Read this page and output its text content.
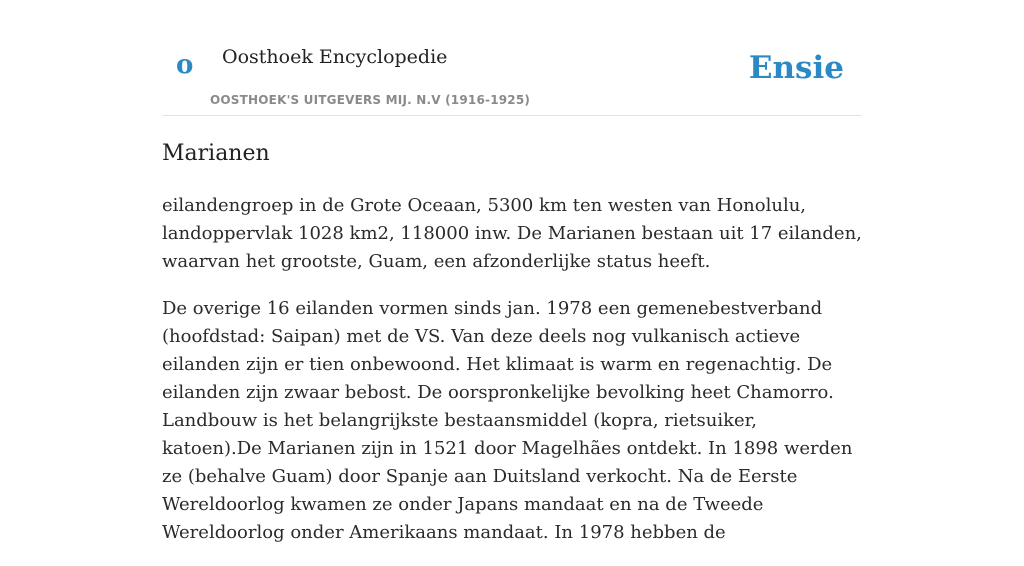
o Oosthoek Encyclopedie
OOSTHOEK'S UITGEVERS MIJ. N.V (1916-1925)
Ensie
Marianen

eilandengroep in de Grote Oceaan, 5300 km ten westen van Honolulu, landoppervlak 1028 km2, 118000 inw. De Marianen bestaan uit 17 eilanden, waarvan het grootste, Guam, een afzonderlijke status heeft.

De overige 16 eilanden vormen sinds jan. 1978 een gemenebestverband (hoofdstad: Saipan) met de VS. Van deze deels nog vulkanisch actieve eilanden zijn er tien onbewoond. Het klimaat is warm en regenachtig. De eilanden zijn zwaar bebost. De oorspronkelijke bevolking heet Chamorro. Landbouw is het belangrijkste bestaansmiddel (kopra, rietsuiker, katoen).De Marianen zijn in 1521 door Magelhães ontdekt. In 1898 werden ze (behalve Guam) door Spanje aan Duitsland verkocht. Na de Eerste Wereldoorlog kwamen ze onder Japans mandaat en na de Tweede Wereldoorlog onder Amerikaans mandaat. In 1978 hebben de
